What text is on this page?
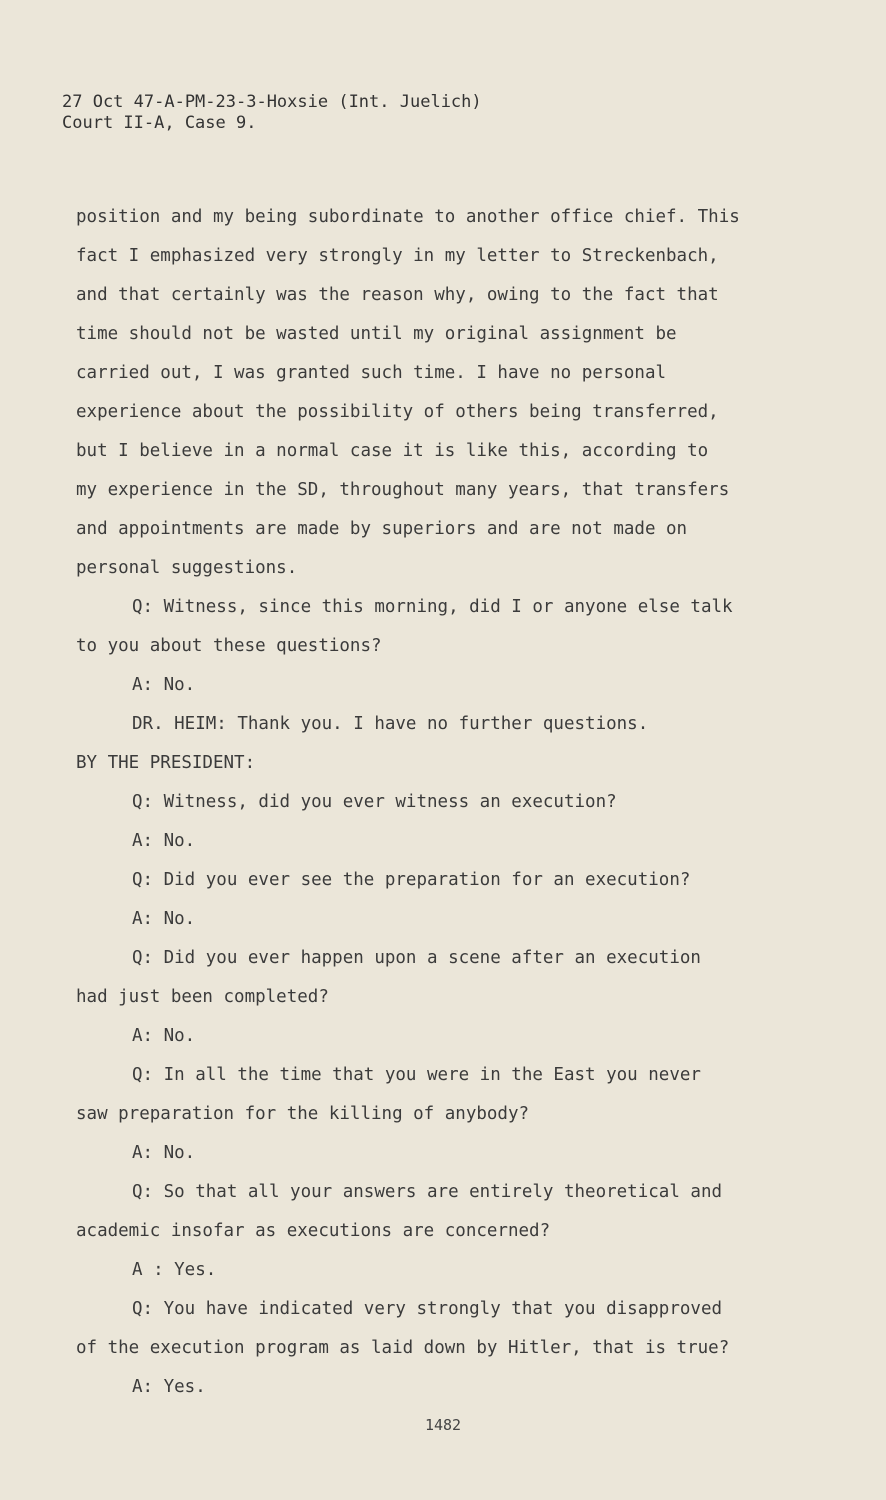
27 Oct 47-A-PM-23-3-Hoxsie (Int. Juelich)
Court II-A, Case 9.
position and my being subordinate to another office chief. This
fact I emphasized very strongly in my letter to Streckenbach,
and that certainly was the reason why, owing to the fact that
time should not be wasted until my original assignment be
carried out, I was granted such time. I have no personal
experience about the possibility of others being transferred,
but I believe in a normal case it is like this, according to
my experience in the SD, throughout many years, that transfers
and appointments are made by superiors and are not made on
personal suggestions.
Q: Witness, since this morning, did I or anyone else talk
to you about these questions?
A: No.
DR. HEIM: Thank you. I have no further questions.
BY THE PRESIDENT:
Q: Witness, did you ever witness an execution?
A: No.
Q: Did you ever see the preparation for an execution?
A: No.
Q: Did you ever happen upon a scene after an execution
had just been completed?
A: No.
Q: In all the time that you were in the East you never
saw preparation for the killing of anybody?
A: No.
Q: So that all your answers are entirely theoretical and
academic insofar as executions are concerned?
A : Yes.
Q: You have indicated very strongly that you disapproved
of the execution program as laid down by Hitler, that is true?
A: Yes.
1482
